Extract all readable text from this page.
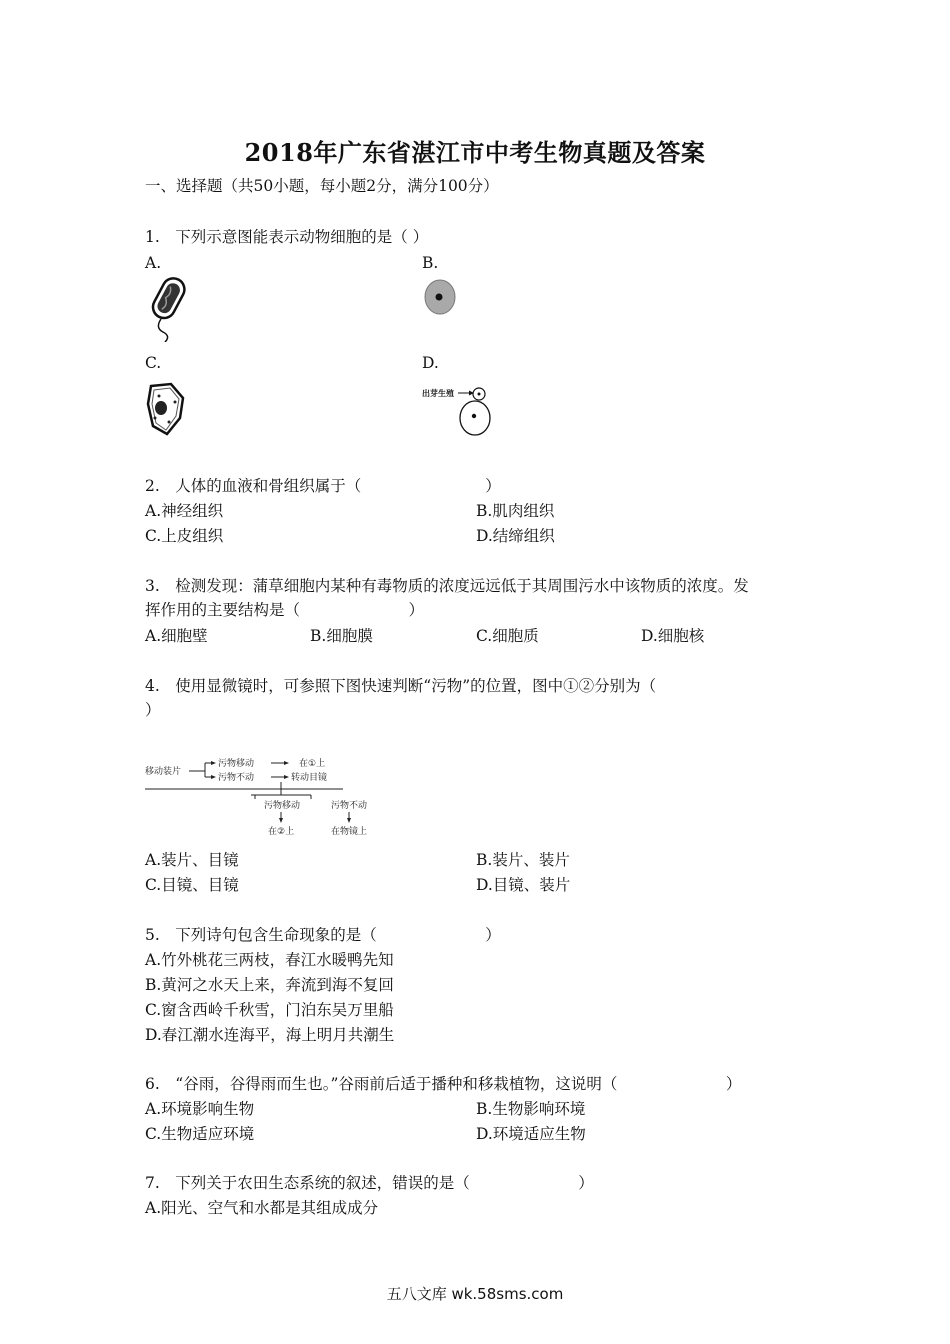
2018年广东省湛江市中考生物真题及答案
一、选择题（共50小题，每小题2分，满分100分）
1.　下列示意图能表示动物细胞的是（ ）
A.	B.
C.	D.
出芽生殖
2.　人体的血液和骨组织属于（　　　　　　　　）
A.神经组织	B.肌肉组织
C.上皮组织	D.结缔组织
3.　检测发现：蒲草细胞内某种有毒物质的浓度远远低于其周围污水中该物质的浓度。发
挥作用的主要结构是（　　　　　　　）
A.细胞壁	B.细胞膜	C.细胞质	D.细胞核
4.　使用显微镜时，可参照下图快速判断“污物”的位置，图中①②分别为（
）
移动装片
污物移动
污物不动
在①上
转动目镜
污物移动	污物不动
在②上	在物镜上
A.装片、目镜	B.装片、装片
C.目镜、目镜	D.目镜、装片
5.　下列诗句包含生命现象的是（　　　　　　　）
A.竹外桃花三两枝，春江水暖鸭先知
B.黄河之水天上来，奔流到海不复回
C.窗含西岭千秋雪，门泊东吴万里船
D.春江潮水连海平，海上明月共潮生
6.　“谷雨，谷得雨而生也。”谷雨前后适于播种和移栽植物，这说明（　　　　　　　）
A.环境影响生物	B.生物影响环境
C.生物适应环境	D.环境适应生物
7.　下列关于农田生态系统的叙述，错误的是（　　　　　　　）
A.阳光、空气和水都是其组成成分
五八文库 wk.58sms.com
